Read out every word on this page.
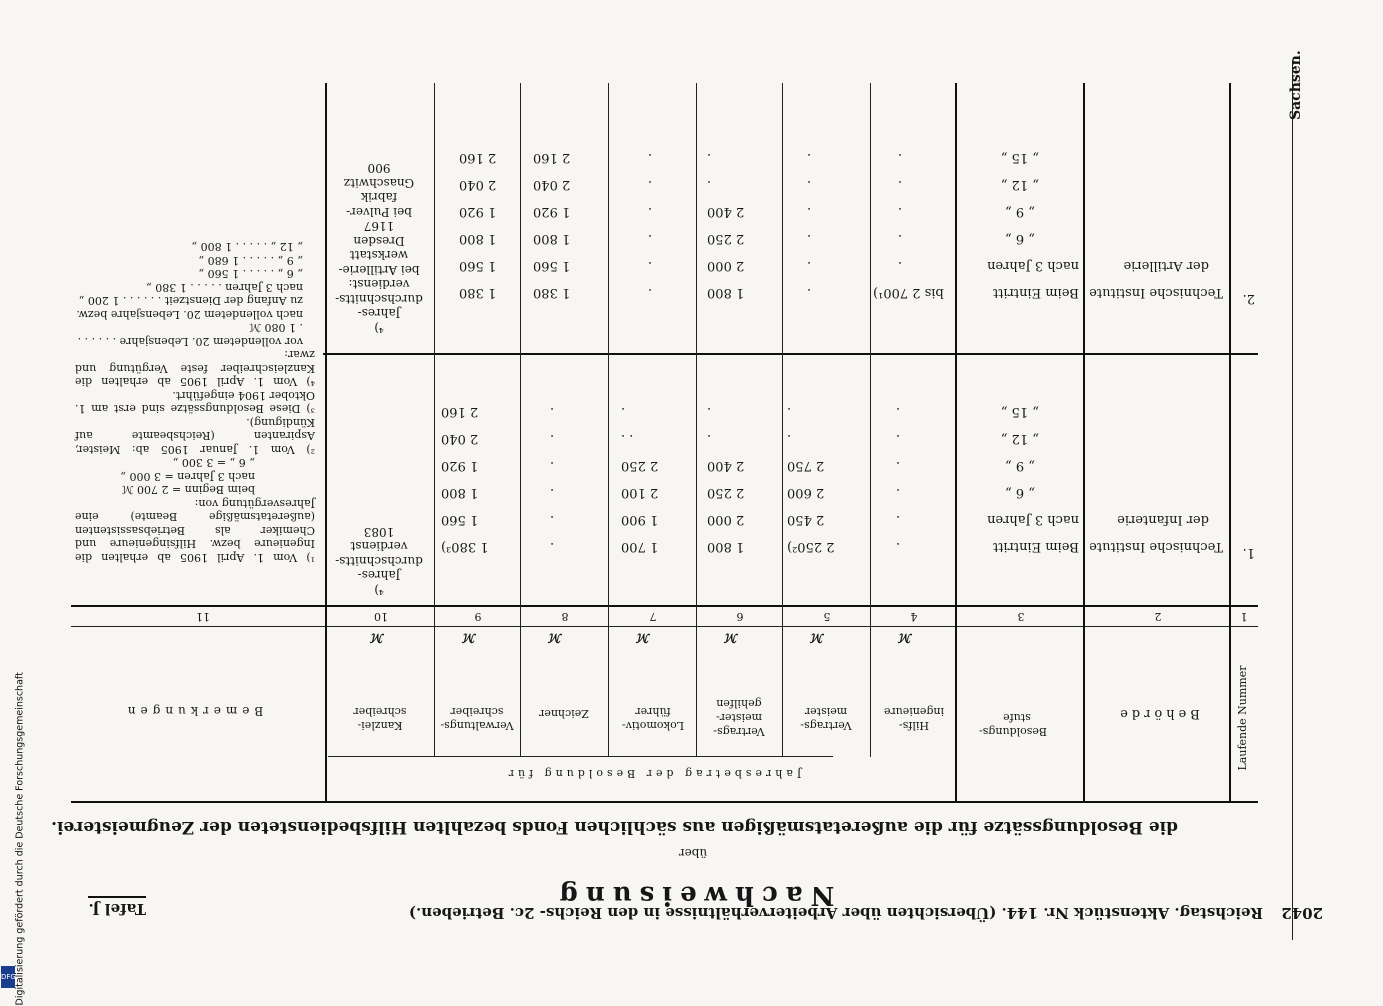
2042
Reichstag. Aktenstück Nr. 144. (Übersichten über Arbeiterverhältnisse in den Reichs- 2c. Betrieben.)
Tafel J.	Nachweisung
über
die Besoldungssätze für die außeretatsmäßigen aus sächlichen Fonds bezahlten Hilfsbediensteten der Zeugmeisterei.
Laufende Nummer
Behörde
Besoldungs-stufe
Jahresbetrag der Besoldung für
Hilfs-ingenieure
Vertrags-meister
Vertrags-meister-gehilfen
Lokomotiv-führer
Zeichner
Verwaltungs-schreiber
Kanzlei-schreiber
Bemerkungen
ℳ
ℳ
ℳ
ℳ
ℳ
ℳ
ℳ
1
2
3
4
5
6
7
8
9
10
11
1.
Technische Institute
der Infanterie
Beim Eintritt
nach 3 Jahren
„ 6 „
„ 9 „
„ 12 „
„ 15 „
.
.
.
.
.
.
2 250²)
2 450
2 600
2 750
.
.
1 800
2 000
2 250
2 400
.
.
1 700
1 900
2 100
2 250
. .
.
.
.
.
.
.
.
1 380³)
1 560
1 800
1 920
2 040
2 160
⁴)
Jahres-
durchschnitts-
verdienst
1083
2.
Technische Institute
der Artillerie
Beim Eintritt
nach 3 Jahren
„ 6 „
„ 9 „
„ 12 „
„ 15 „
bis 2 700¹)
.
.
.
.
.
.
.
.
.
.
.
1 800
2 000
2 250
2 400
.
.
.
.
.
.
.
.
1 380
1 560
1 800
1 920
2 040
2 160
1 380
1 560
1 800
1 920
2 040
2 160
⁴)
Jahres-
durchschnitts-
verdienst:
bei Artillerie-
werkstatt
Dresden
1167
bei Pulver-
fabrik
Gnaschwitz
900
¹) Vom 1. April 1905 ab erhalten die Ingenieure bezw. Hilfsingenieure und Chemiker als Betriebsassistenten (außeretatsmäßige Beamte) eine Jahresvergütung von:
beim Beginn = 2 700 ℳ
nach 3 Jahren = 3 000 „
„ 6 „ = 3 300 „
²) Vom 1. Januar 1905 ab: Meister, Aspiranten (Reichsbeamte auf Kündigung).
³) Diese Besoldungssätze sind erst am 1. Oktober 1904 eingeführt.
⁴) Vom 1. April 1905 ab erhalten die Kanzleischreiber feste Vergütung und zwar:
vor vollendetem 20. Lebensjahre . . . . . . . 1 080 ℳ
nach vollendetem 20. Lebensjahre bezw. zu Anfang der Dienstzeit . . . . . . 1 200 „
nach 3 Jahren . . . . . 1 380 „
„ 6 „ . . . . . 1 560 „
„ 9 „ . . . . . 1 680 „
„ 12 „ . . . . . 1 800 „
Sachsen.
Digitalisierung gefördert durch die Deutsche Forschungsgemeinschaft
DFG
